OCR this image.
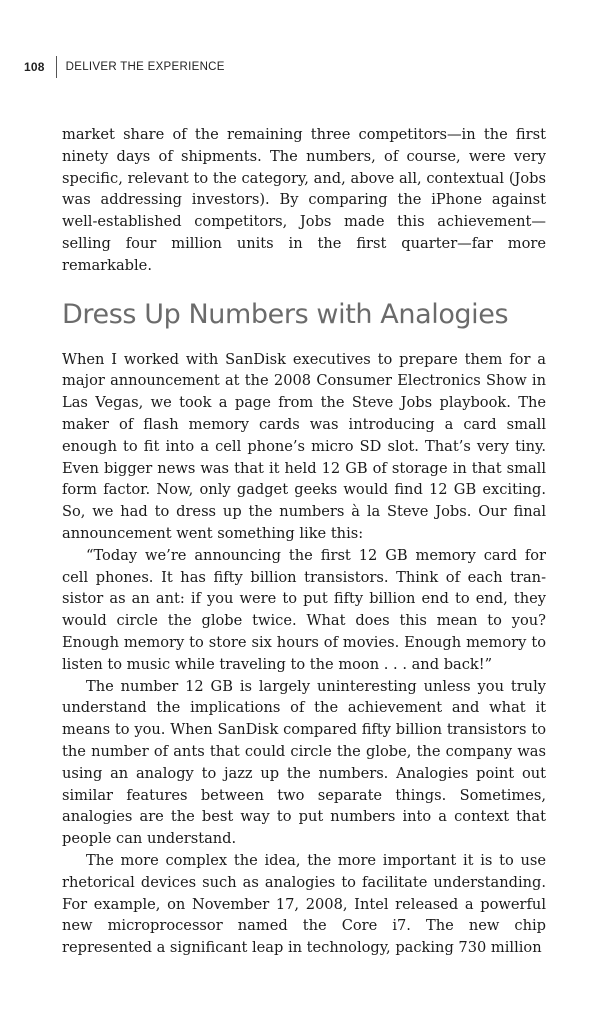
108 DELIVER THE EXPERIENCE

market share of the remaining three competitors—in the first ninety days of shipments. The numbers, of course, were very specific, relevant to the category, and, above all, contextual (Jobs was addressing investors). By comparing the iPhone against well-established competitors, Jobs made this achievement—selling four million units in the first quarter—far more remarkable.

Dress Up Numbers with Analogies

When I worked with SanDisk executives to prepare them for a major announcement at the 2008 Consumer Electronics Show in Las Vegas, we took a page from the Steve Jobs playbook. The maker of flash memory cards was introducing a card small enough to fit into a cell phone’s micro SD slot. That’s very tiny. Even bigger news was that it held 12 GB of storage in that small form factor. Now, only gadget geeks would find 12 GB exciting. So, we had to dress up the numbers à la Steve Jobs. Our final announcement went something like this:

“Today we’re announcing the first 12 GB memory card for cell phones. It has fifty billion transistors. Think of each transistor as an ant: if you were to put fifty billion end to end, they would circle the globe twice. What does this mean to you? Enough memory to store six hours of movies. Enough memory to listen to music while traveling to the moon . . . and back!”

The number 12 GB is largely uninteresting unless you truly understand the implications of the achievement and what it means to you. When SanDisk compared fifty billion transistors to the number of ants that could circle the globe, the company was using an analogy to jazz up the numbers. Analogies point out similar features between two separate things. Sometimes, analogies are the best way to put numbers into a context that people can understand.

The more complex the idea, the more important it is to use rhetorical devices such as analogies to facilitate understanding. For example, on November 17, 2008, Intel released a powerful new microprocessor named the Core i7. The new chip represented a significant leap in technology, packing 730 million
